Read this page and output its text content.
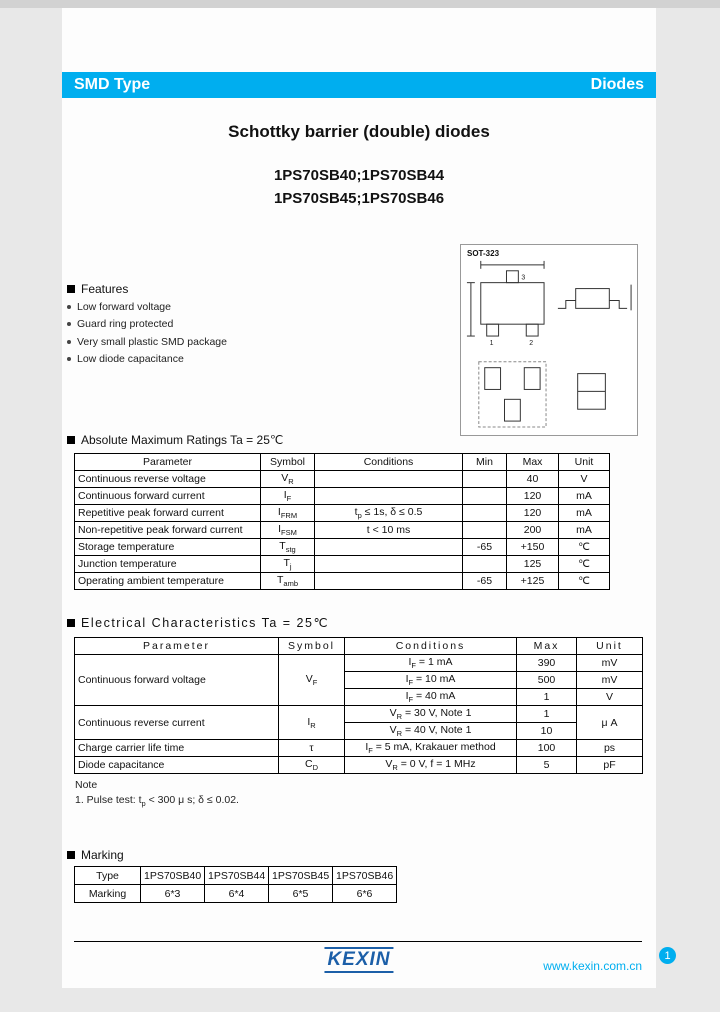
SMD Type	Diodes
Schottky barrier (double) diodes
1PS70SB40;1PS70SB44
1PS70SB45;1PS70SB46
Features
Low forward voltage
Guard ring protected
Very small plastic SMD package
Low diode capacitance
SOT-323
1	2
3
Absolute Maximum Ratings Ta = 25℃
Parameter	Symbol	Conditions	Min	Max	Unit
Continuous reverse voltage	$V_R$			40	V
Continuous forward current	$I_F$			120	mA
Repetitive peak forward current	$I_{FRM}$	$t_p \le 1s$, δ ≤ 0.5		120	mA
Non-repetitive peak forward current	$I_{FSM}$	t < 10 ms		200	mA
Storage temperature	$T_{stg}$		-65	+150	℃
Junction temperature	$T_j$			125	℃
Operating ambient temperature	$T_{amb}$		-65	+125	℃
Electrical Characteristics Ta = 25℃
Parameter	Symbol	Conditions	Max	Unit
Continuous forward voltage	$V_F$	$I_F = 1$ mA	390	mV
		$I_F = 10$ mA	500	mV
		$I_F = 40$ mA	1	V
Continuous reverse current	$I_R$	$V_R = 30$ V, Note 1	1	μ A
		$V_R = 40$ V, Note 1	10	
Charge carrier life time	τ	$I_F = 5$ mA, Krakauer method	100	ps
Diode capacitance	$C_D$	$V_R = 0$ V, f = 1 MHz	5	pF
Note
1. Pulse test: $t_p < 300$ μ s; δ ≤ 0.02.
Marking
Type	1PS70SB40	1PS70SB44	1PS70SB45	1PS70SB46
Marking	6*3	6*4	6*5	6*6
KEXIN	www.kexin.com.cn
1
